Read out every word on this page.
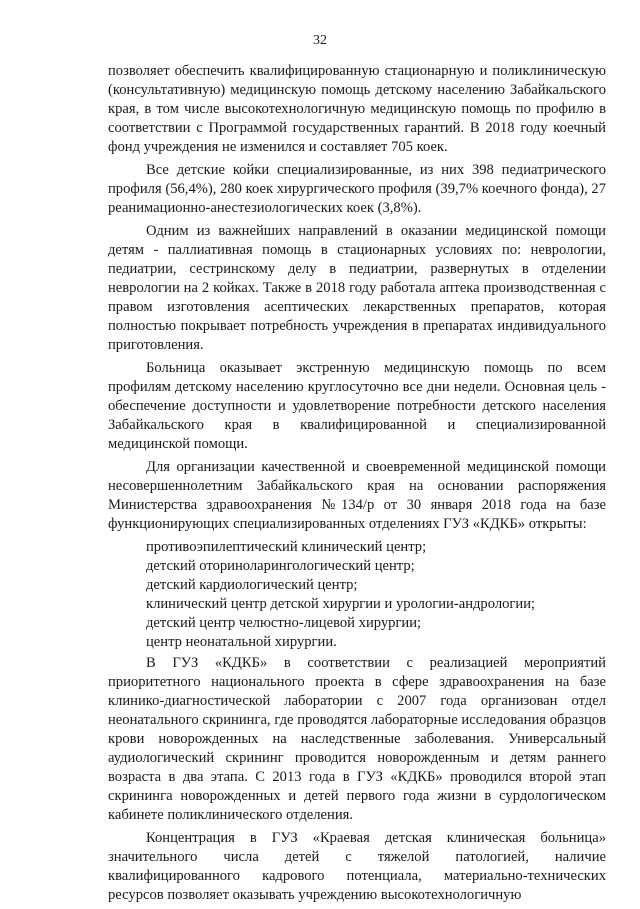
32

позволяет обеспечить квалифицированную стационарную и поликлиническую (консультативную) медицинскую помощь детскому населению Забайкальского края, в том числе высокотехнологичную медицинскую помощь по профилю в соответствии с Программой государственных гарантий. В 2018 году коечный фонд учреждения не изменился и составляет 705 коек.

Все детские койки специализированные, из них 398 педиатрического профиля (56,4%), 280 коек хирургического профиля (39,7% коечного фонда), 27 реанимационно-анестезиологических коек (3,8%).

Одним из важнейших направлений в оказании медицинской помощи детям - паллиативная помощь в стационарных условиях по: неврологии, педиатрии, сестринскому делу в педиатрии, развернутых в отделении неврологии на 2 койках. Также в 2018 году работала аптека производственная с правом изготовления асептических лекарственных препаратов, которая полностью покрывает потребность учреждения в препаратах индивидуального приготовления.

Больница оказывает экстренную медицинскую помощь по всем профилям детскому населению круглосуточно все дни недели. Основная цель - обеспечение доступности и удовлетворение потребности детского населения Забайкальского края в квалифицированной и специализированной медицинской помощи.

Для организации качественной и своевременной медицинской помощи несовершеннолетним Забайкальского края на основании распоряжения Министерства здравоохранения №134/р от 30 января 2018 года на базе функционирующих специализированных отделениях ГУЗ «КДКБ» открыты:

противоэпилептический клинический центр;
детский оториноларингологический центр;
детский кардиологический центр;
клинический центр детской хирургии и урологии-андрологии;
детский центр челюстно-лицевой хирургии;
центр неонатальной хирургии.

В ГУЗ «КДКБ» в соответствии с реализацией мероприятий приоритетного национального проекта в сфере здравоохранения на базе клинико-диагностической лаборатории с 2007 года организован отдел неонатального скрининга, где проводятся лабораторные исследования образцов крови новорожденных на наследственные заболевания. Универсальный аудиологический скрининг проводится новорожденным и детям раннего возраста в два этапа. С 2013 года в ГУЗ «КДКБ» проводился второй этап скрининга новорожденных и детей первого года жизни в сурдологическом кабинете поликлинического отделения.

Концентрация в ГУЗ «Краевая детская клиническая больница» значительного числа детей с тяжелой патологией, наличие квалифицированного кадрового потенциала, материально-технических ресурсов позволяет оказывать учреждению высокотехнологичную
